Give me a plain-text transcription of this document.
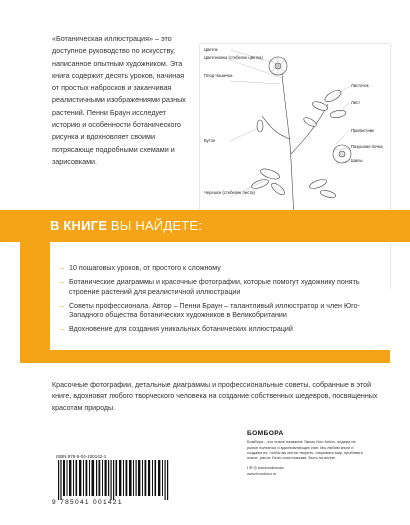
«Ботаническая иллюстрация» – это доступное руководство по искусству, написанное опытным художником. Эта книга содержит десять уроков, начиная от простых набросков и заканчивая реалистичными изображениями разных растений. Пенни Браун исследует историю и особенности ботанического рисунка и вдохновляет своими потрясающе подробными схемами и зарисовками.
Цветок
Цветоножка (стебелек цветка)
Плод Чашечка
Бутон
Черешок (стебелек листа)
Листочек
Лист
Прилистник
Пазушная почка
Шипы
В КНИГЕ ВЫ НАЙДЕТЕ:
– 10 пошаговых уроков, от простого к сложному
– Ботанические диаграммы и красочные фотографии, которые помогут художнику понять строение растений для реалистичной иллюстрации
– Советы профессионала. Автор – Пенни Браун – талантливый иллюстратор и член Юго-Западного общества ботанических художников в Великобритании
– Вдохновение для создания уникальных ботанических иллюстраций
Красочные фотографии, детальные диаграммы и профессиональные советы, собранные в этой книге, вдохновят любого творческого человека на создание собственных шедевров, посвященных красотам природы.
ISBN 978-5-04-100142-1
9 785041 001421
БОМБОРА
Бомбора – это новое название Эксмо Non-fiction, лидера на рынке полезных и вдохновляющих книг. Мы любим книги и создаем их, чтобы вы могли творить, открывать мир, пробовать новое, расти. Быть счастливыми. Быть на волне.
f ✉ ◎ bomborabooks
www.bombora.ru
